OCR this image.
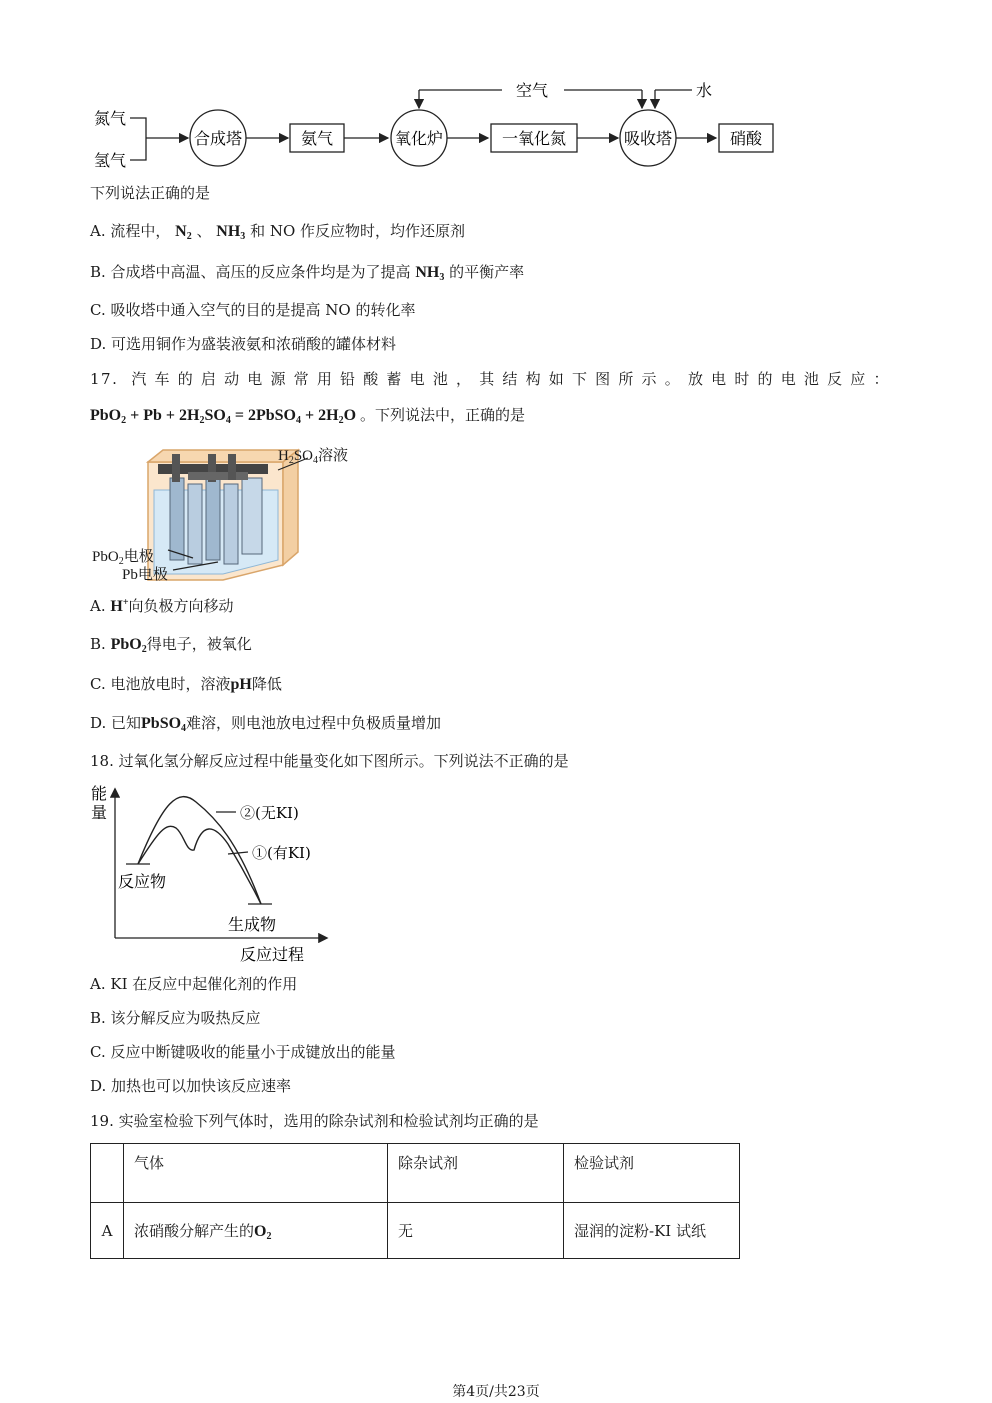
氮气
氢气
合成塔	氨气	氧化炉	一氧化氮	吸收塔	硝酸
空气	水
下列说法正确的是
A. 流程中， $N_2$ 、 $NH_3$ 和 NO 作反应物时，均作还原剂
B. 合成塔中高温、高压的反应条件均是为了提高 $NH_3$ 的平衡产率
C. 吸收塔中通入空气的目的是提高 NO 的转化率
D. 可选用铜作为盛装液氨和浓硝酸的罐体材料
17. 汽车的启动电源常用铅酸蓄电池，其结构如下图所示。放电时的电池反应：
$PbO_2 + Pb + 2H_2SO_4$ = 2PbSO$_4$ + $2H_2O$ 。下列说法中，正确的是
$H_2SO_4$溶液
PbO$_2$电极
Pb电极
A. H+向负极方向移动
B. PbO$_2$得电子，被氧化
C. 电池放电时，溶液pH降低
D. 已知PbSO$_4$难溶，则电池放电过程中负极质量增加
18. 过氧化氢分解反应过程中能量变化如下图所示。下列说法不正确的是
能
量	②(无KI)
①(有KI)
反应物
生成物
反应过程
A. KI 在反应中起催化剂的作用
B. 该分解反应为吸热反应
C. 反应中断键吸收的能量小于成键放出的能量
D. 加热也可以加快该反应速率
19. 实验室检验下列气体时，选用的除杂试剂和检验试剂均正确的是
	气体	除杂试剂	检验试剂
A	浓硝酸分解产生的$O_2$	无	湿润的淀粉-KI 试纸
第4页/共23页
